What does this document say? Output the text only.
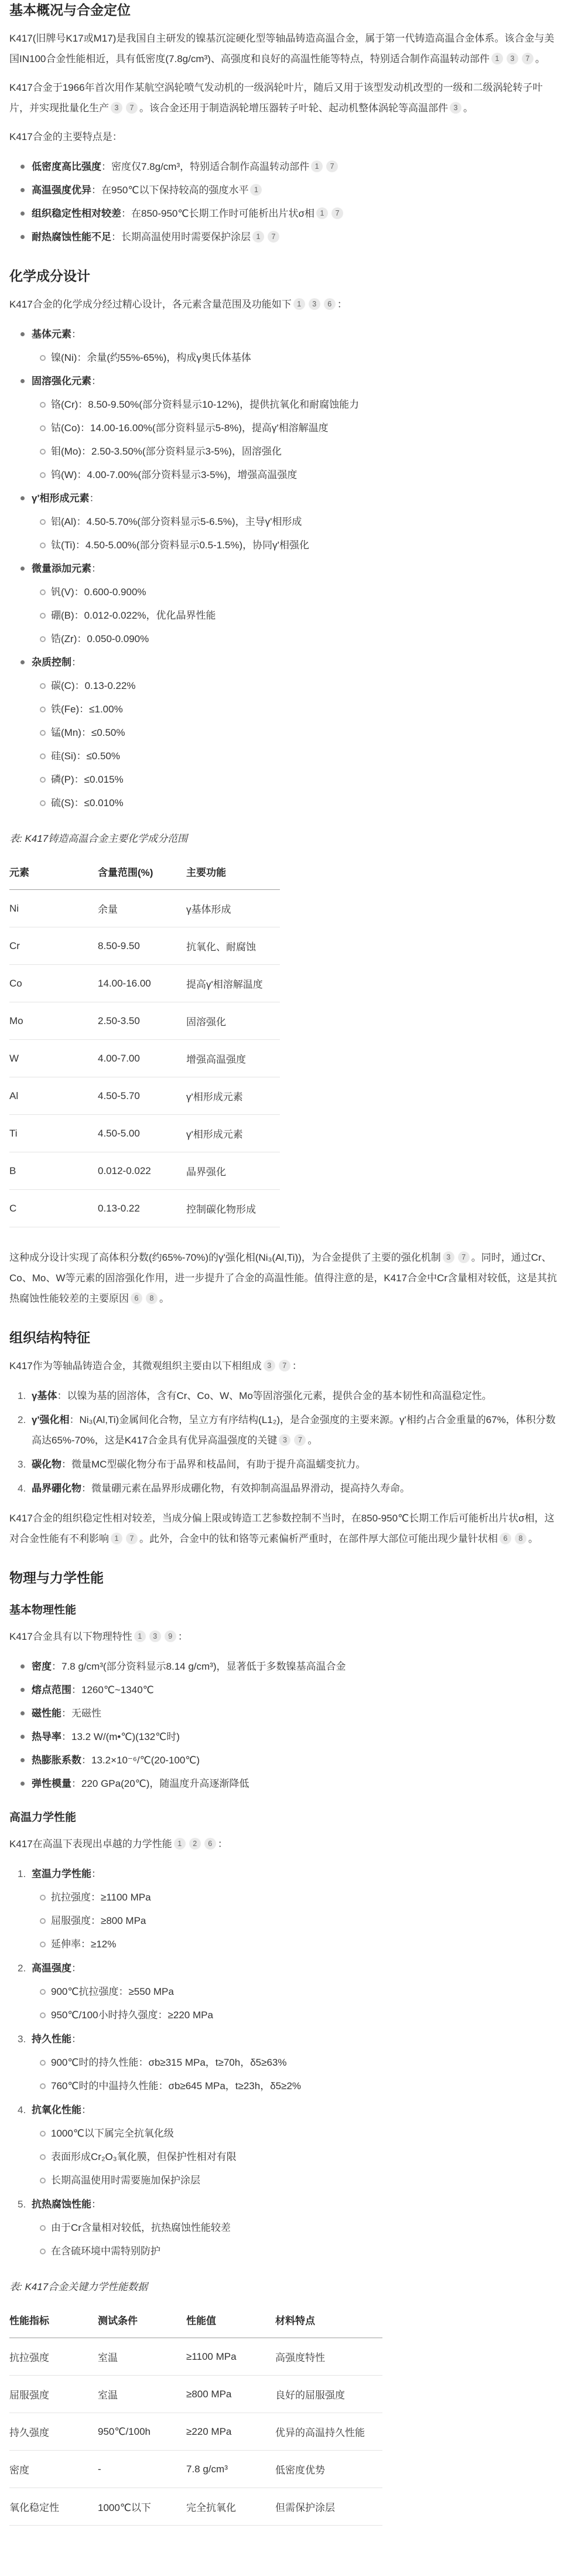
基本概况与合金定位

K417(旧牌号K17或M17)是我国自主研发的镍基沉淀硬化型等轴晶铸造高温合金，属于第一代铸造高温合金体系。该合金与美国IN100合金性能相近，具有低密度(7.8g/cm³)、高强度和良好的高温性能等特点，特别适合制作高温转动部件 1 3 7 。

K417合金于1966年首次用作某航空涡轮喷气发动机的一级涡轮叶片，随后又用于该型发动机改型的一级和二级涡轮转子叶片，并实现批量化生产 3 7 。该合金还用于制造涡轮增压器转子叶轮、起动机整体涡轮等高温部件 3 。

K417合金的主要特点是：

低密度高比强度：密度仅7.8g/cm³，特别适合制作高温转动部件 1 7
高温强度优异：在950℃以下保持较高的强度水平 1
组织稳定性相对较差：在850-950℃长期工作时可能析出片状σ相 1 7
耐热腐蚀性能不足：长期高温使用时需要保护涂层 1 7
化学成分设计

K417合金的化学成分经过精心设计，各元素含量范围及功能如下 1 3 6 ：

基体元素：
镍(Ni)：余量(约55%-65%)，构成γ奥氏体基体
固溶强化元素：
铬(Cr)：8.50-9.50%(部分资料显示10-12%)，提供抗氧化和耐腐蚀能力
钴(Co)：14.00-16.00%(部分资料显示5-8%)，提高γ'相溶解温度
钼(Mo)：2.50-3.50%(部分资料显示3-5%)，固溶强化
钨(W)：4.00-7.00%(部分资料显示3-5%)，增强高温强度
γ'相形成元素：
铝(Al)：4.50-5.70%(部分资料显示5-6.5%)，主导γ'相形成
钛(Ti)：4.50-5.00%(部分资料显示0.5-1.5%)，协同γ'相强化
微量添加元素：
钒(V)：0.600-0.900%
硼(B)：0.012-0.022%，优化晶界性能
锆(Zr)：0.050-0.090%
杂质控制：
碳(C)：0.13-0.22%
铁(Fe)：≤1.00%
锰(Mn)：≤0.50%
硅(Si)：≤0.50%
磷(P)：≤0.015%
硫(S)：≤0.010%

表: K417铸造高温合金主要化学成分范围

元素	含量范围(%)	主要功能
Ni	余量	γ基体形成
Cr	8.50-9.50	抗氧化、耐腐蚀
Co	14.00-16.00	提高γ'相溶解温度
Mo	2.50-3.50	固溶强化
W	4.00-7.00	增强高温强度
Al	4.50-5.70	γ'相形成元素
Ti	4.50-5.00	γ'相形成元素
B	0.012-0.022	晶界强化
C	0.13-0.22	控制碳化物形成

这种成分设计实现了高体积分数(约65%-70%)的γ'强化相(Ni₃(Al,Ti))，为合金提供了主要的强化机制 3 7 。同时，通过Cr、Co、Mo、W等元素的固溶强化作用，进一步提升了合金的高温性能。值得注意的是，K417合金中Cr含量相对较低，这是其抗热腐蚀性能较差的主要原因 6 8 。

组织结构特征

K417作为等轴晶铸造合金，其微观组织主要由以下相组成 3 7 ：

γ基体：以镍为基的固溶体，含有Cr、Co、W、Mo等固溶强化元素，提供合金的基本韧性和高温稳定性。
γ'强化相：Ni₃(Al,Ti)金属间化合物，呈立方有序结构(L1₂)，是合金强度的主要来源。γ'相约占合金重量的67%，体积分数高达65%-70%，这是K417合金具有优异高温强度的关键 3 7 。
碳化物：微量MC型碳化物分布于晶界和枝晶间，有助于提升高温蠕变抗力。
晶界硼化物：微量硼元素在晶界形成硼化物，有效抑制高温晶界滑动，提高持久寿命。

K417合金的组织稳定性相对较差，当成分偏上限或铸造工艺参数控制不当时，在850-950℃长期工作后可能析出片状σ相，这对合金性能有不利影响 1 7 。此外，合金中的钛和铬等元素偏析严重时，在部件厚大部位可能出现少量针状相 6 8 。

物理与力学性能
基本物理性能

K417合金具有以下物理特性 1 3 9 ：

密度：7.8 g/cm³(部分资料显示8.14 g/cm³)，显著低于多数镍基高温合金
熔点范围：1260℃~1340℃
磁性能：无磁性
热导率：13.2 W/(m•℃)(132℃时)
热膨胀系数：13.2×10⁻⁶/℃(20-100℃)
弹性模量：220 GPa(20℃)，随温度升高逐渐降低
高温力学性能

K417在高温下表现出卓越的力学性能 1 2 6 ：

室温力学性能：
抗拉强度：≥1100 MPa
屈服强度：≥800 MPa
延伸率：≥12%
高温强度：
900℃抗拉强度：≥550 MPa
950℃/100小时持久强度：≥220 MPa
持久性能：
900℃时的持久性能：σb≥315 MPa，t≥70h，δ5≥63%
760℃时的中温持久性能：σb≥645 MPa，t≥23h，δ5≥2%
抗氧化性能：
1000℃以下属完全抗氧化级
表面形成Cr₂O₃氧化膜，但保护性相对有限
长期高温使用时需要施加保护涂层
抗热腐蚀性能：
由于Cr含量相对较低，抗热腐蚀性能较差
在含硫环境中需特别防护

表: K417合金关键力学性能数据

性能指标	测试条件	性能值	材料特点
抗拉强度	室温	≥1100 MPa	高强度特性
屈服强度	室温	≥800 MPa	良好的屈服强度
持久强度	950℃/100h	≥220 MPa	优异的高温持久性能
密度	-	7.8 g/cm³	低密度优势
氧化稳定性	1000℃以下	完全抗氧化	但需保护涂层
